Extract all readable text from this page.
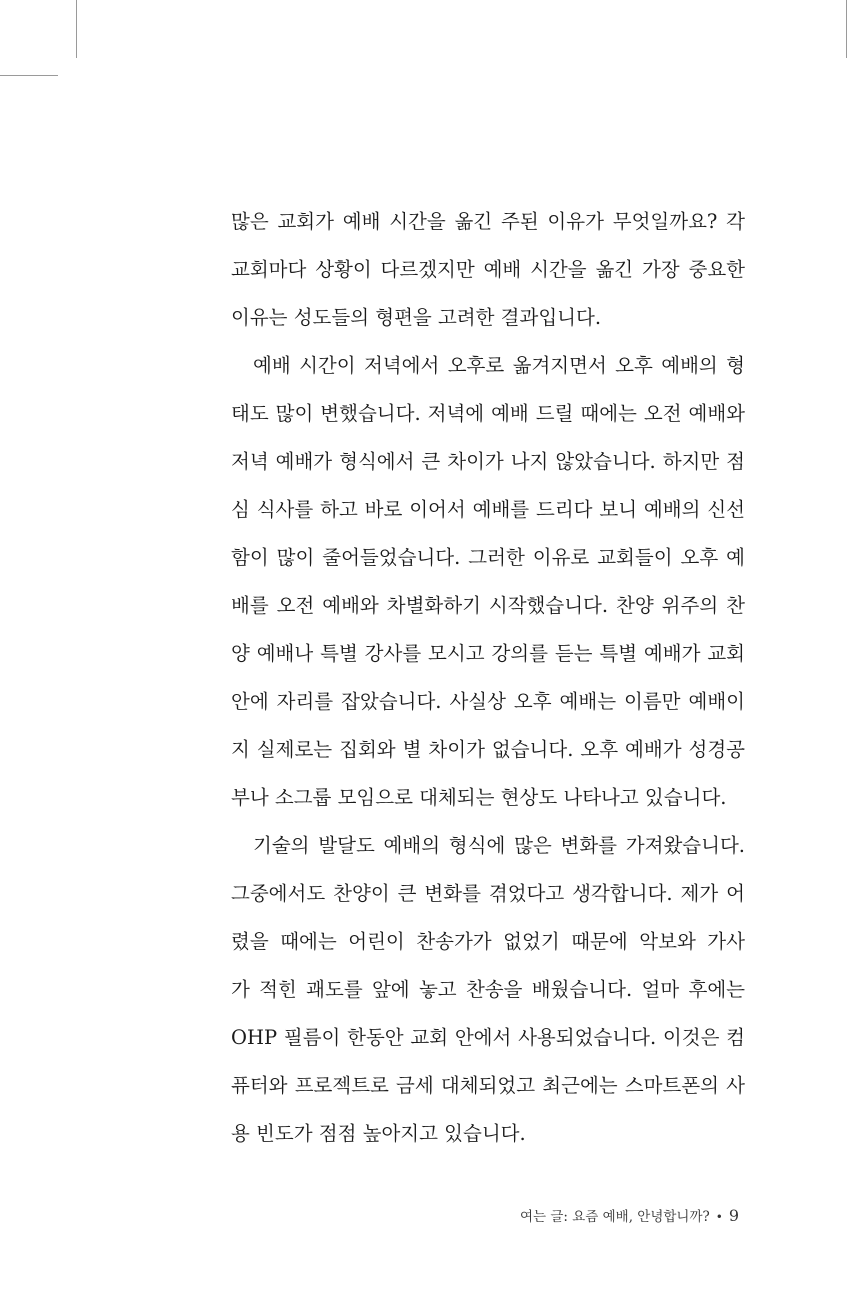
많은 교회가 예배 시간을 옮긴 주된 이유가 무엇일까요? 각
교회마다 상황이 다르겠지만 예배 시간을 옮긴 가장 중요한
이유는 성도들의 형편을 고려한 결과입니다.
예배 시간이 저녁에서 오후로 옮겨지면서 오후 예배의 형
태도 많이 변했습니다. 저녁에 예배 드릴 때에는 오전 예배와
저녁 예배가 형식에서 큰 차이가 나지 않았습니다. 하지만 점
심 식사를 하고 바로 이어서 예배를 드리다 보니 예배의 신선
함이 많이 줄어들었습니다. 그러한 이유로 교회들이 오후 예
배를 오전 예배와 차별화하기 시작했습니다. 찬양 위주의 찬
양 예배나 특별 강사를 모시고 강의를 듣는 특별 예배가 교회
안에 자리를 잡았습니다. 사실상 오후 예배는 이름만 예배이
지 실제로는 집회와 별 차이가 없습니다. 오후 예배가 성경공
부나 소그룹 모임으로 대체되는 현상도 나타나고 있습니다.
기술의 발달도 예배의 형식에 많은 변화를 가져왔습니다.
그중에서도 찬양이 큰 변화를 겪었다고 생각합니다. 제가 어
렸을 때에는 어린이 찬송가가 없었기 때문에 악보와 가사
가 적힌 괘도를 앞에 놓고 찬송을 배웠습니다. 얼마 후에는
OHP 필름이 한동안 교회 안에서 사용되었습니다. 이것은 컴
퓨터와 프로젝트로 금세 대체되었고 최근에는 스마트폰의 사
용 빈도가 점점 높아지고 있습니다.
여는 글: 요즘 예배, 안녕합니까? • 9
